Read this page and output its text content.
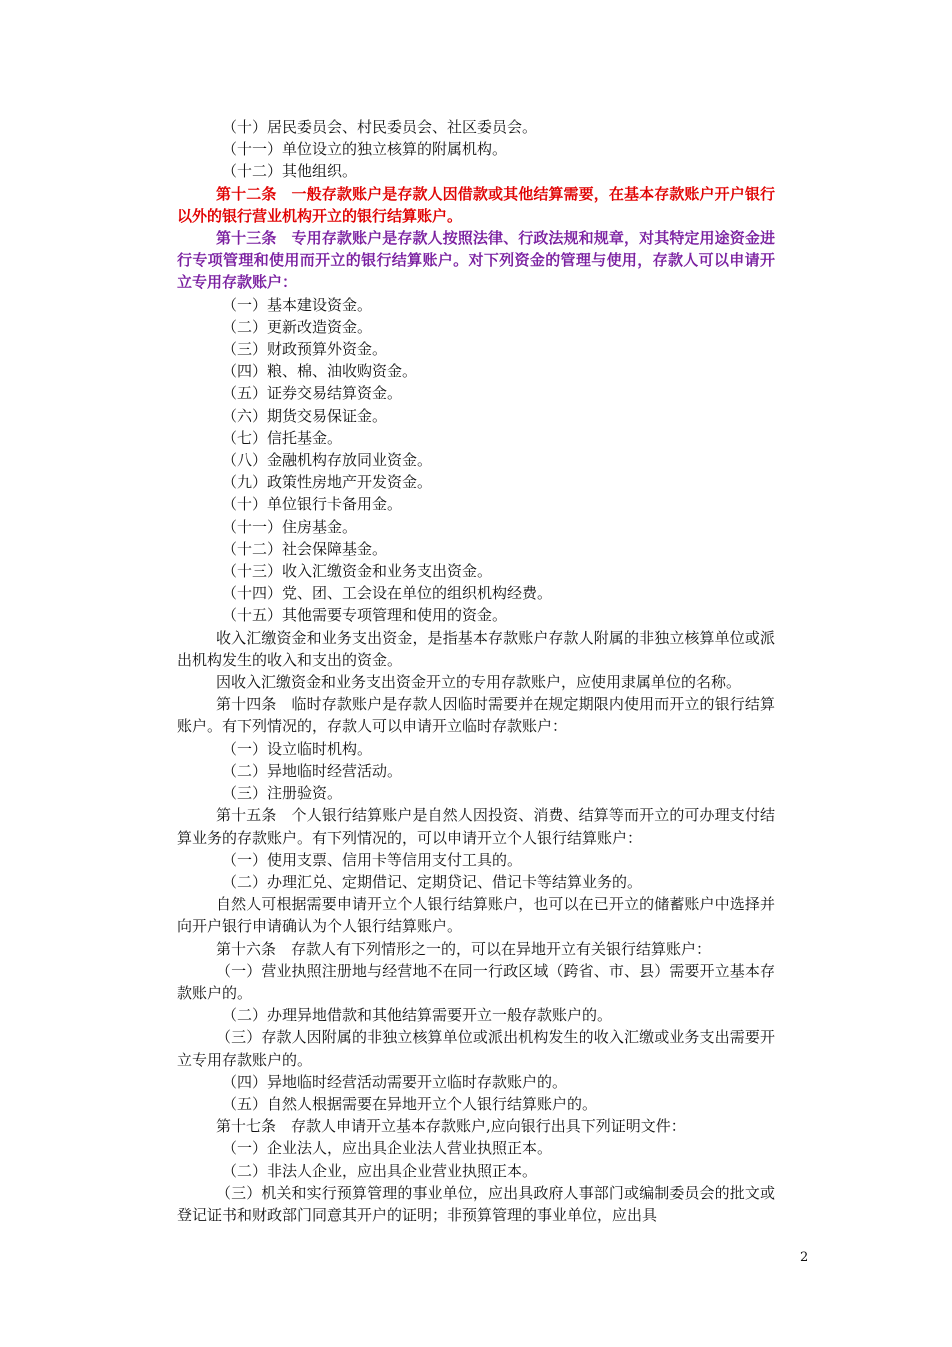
（十）居民委员会、村民委员会、社区委员会。

（十一）单位设立的独立核算的附属机构。

（十二）其他组织。

第十二条　一般存款账户是存款人因借款或其他结算需要，在基本存款账户开户银行以外的银行营业机构开立的银行结算账户。

第十三条　专用存款账户是存款人按照法律、行政法规和规章，对其特定用途资金进行专项管理和使用而开立的银行结算账户。对下列资金的管理与使用，存款人可以申请开立专用存款账户：

（一）基本建设资金。

（二）更新改造资金。

（三）财政预算外资金。

（四）粮、棉、油收购资金。

（五）证券交易结算资金。

（六）期货交易保证金。

（七）信托基金。

（八）金融机构存放同业资金。

（九）政策性房地产开发资金。

（十）单位银行卡备用金。

（十一）住房基金。

（十二）社会保障基金。

（十三）收入汇缴资金和业务支出资金。

（十四）党、团、工会设在单位的组织机构经费。

（十五）其他需要专项管理和使用的资金。

收入汇缴资金和业务支出资金，是指基本存款账户存款人附属的非独立核算单位或派出机构发生的收入和支出的资金。

因收入汇缴资金和业务支出资金开立的专用存款账户，应使用隶属单位的名称。

第十四条　临时存款账户是存款人因临时需要并在规定期限内使用而开立的银行结算账户。有下列情况的，存款人可以申请开立临时存款账户：

（一）设立临时机构。

（二）异地临时经营活动。

（三）注册验资。

第十五条　个人银行结算账户是自然人因投资、消费、结算等而开立的可办理支付结算业务的存款账户。有下列情况的，可以申请开立个人银行结算账户：

（一）使用支票、信用卡等信用支付工具的。

（二）办理汇兑、定期借记、定期贷记、借记卡等结算业务的。

自然人可根据需要申请开立个人银行结算账户，也可以在已开立的储蓄账户中选择并向开户银行申请确认为个人银行结算账户。

第十六条　存款人有下列情形之一的，可以在异地开立有关银行结算账户：

（一）营业执照注册地与经营地不在同一行政区域（跨省、市、县）需要开立基本存款账户的。

（二）办理异地借款和其他结算需要开立一般存款账户的。

（三）存款人因附属的非独立核算单位或派出机构发生的收入汇缴或业务支出需要开立专用存款账户的。

（四）异地临时经营活动需要开立临时存款账户的。

（五）自然人根据需要在异地开立个人银行结算账户的。

第十七条　存款人申请开立基本存款账户,应向银行出具下列证明文件：

（一）企业法人，应出具企业法人营业执照正本。

（二）非法人企业，应出具企业营业执照正本。

（三）机关和实行预算管理的事业单位，应出具政府人事部门或编制委员会的批文或登记证书和财政部门同意其开户的证明；非预算管理的事业单位，应出具

2
